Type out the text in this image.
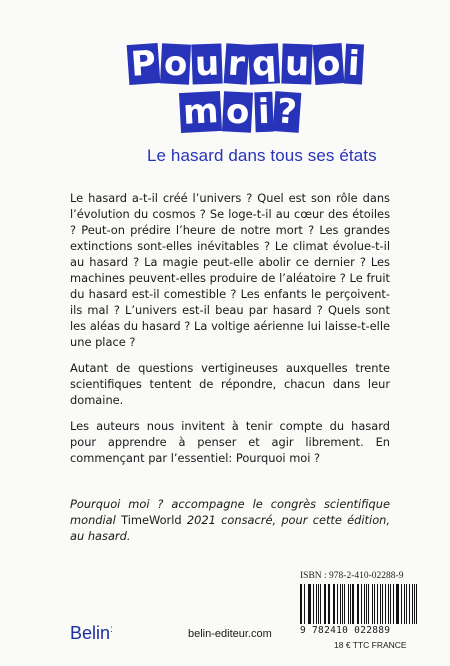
P o u r q u o i
m o i ?
Le hasard dans tous ses états

Le hasard a-t-il créé l’univers ? Quel est son rôle dans l’évolution du cosmos ? Se loge-t-il au cœur des étoiles ? Peut-on prédire l’heure de notre mort ? Les grandes extinctions sont-elles inévitables ? Le climat évolue-t-il au hasard ? La magie peut-elle abolir ce dernier ? Les machines peuvent-elles produire de l’aléatoire ? Le fruit du hasard est-il comestible ? Les enfants le perçoivent-ils mal ? L’univers est-il beau par hasard ? Quels sont les aléas du hasard ? La voltige aérienne lui laisse-t-elle une place ?

Autant de questions vertigineuses auxquelles trente scientifiques tentent de répondre, chacun dans leur domaine.

Les auteurs nous invitent à tenir compte du hasard pour apprendre à penser et agir librement. En commençant par l’essentiel: Pourquoi moi ?

Pourquoi moi ? accompagne le congrès scientifique mondial TimeWorld 2021 consacré, pour cette édition, au hasard.

ISBN : 978-2-410-02288-9
9 782410 022889
18 € TTC FRANCE
Belin:	belin-editeur.com
